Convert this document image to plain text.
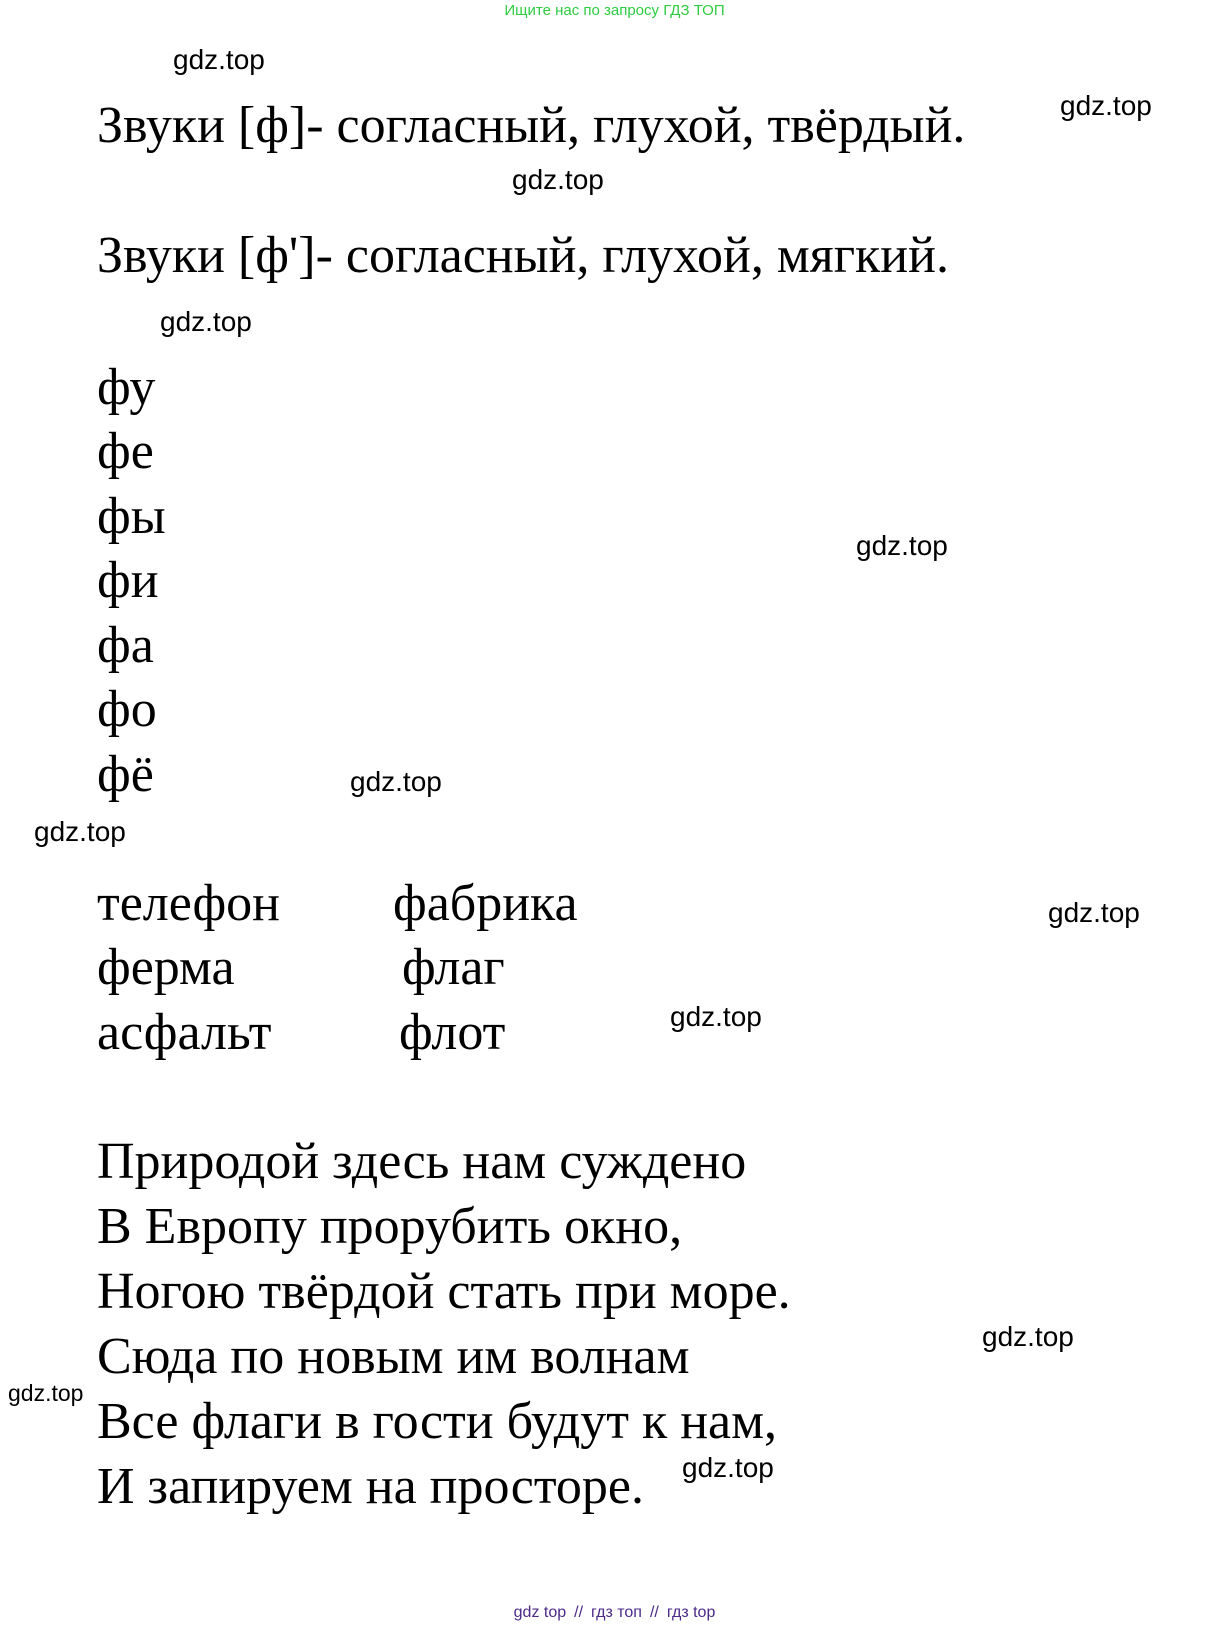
Ищите нас по запросу ГДЗ ТОП
gdz.top
gdz.top
gdz.top
gdz.top
gdz.top
gdz.top
gdz.top
gdz.top
gdz.top
gdz.top
gdz.top
gdz.top
Звуки [ф]- согласный, глухой, твёрдый.
Звуки [ф']- согласный, глухой, мягкий.
фу
фе
фы
фи
фа
фо
фё
телефон
ферма
асфальт
фабрика
флаг
флот
Природой здесь нам суждено
В Европу прорубить окно,
Ногою твёрдой стать при море.
Сюда по новым им волнам
Все флаги в гости будут к нам,
И запируем на просторе.
gdz top // гдз топ // гдз top
